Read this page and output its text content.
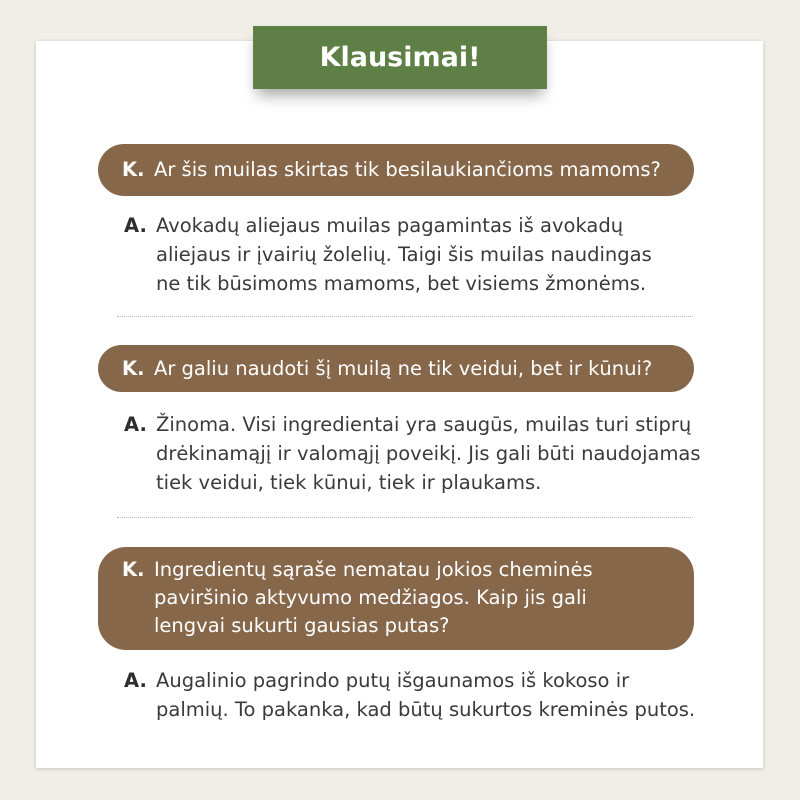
Klausimai!
K. Ar šis muilas skirtas tik besilaukiančioms mamoms?
A. Avokadų aliejaus muilas pagamintas iš avokadų
aliejaus ir įvairių žolelių. Taigi šis muilas naudingas
ne tik būsimoms mamoms, bet visiems žmonėms.
K. Ar galiu naudoti šį muilą ne tik veidui, bet ir kūnui?
A. Žinoma. Visi ingredientai yra saugūs, muilas turi stiprų
drėkinamąjį ir valomąjį poveikį. Jis gali būti naudojamas
tiek veidui, tiek kūnui, tiek ir plaukams.
K. Ingredientų sąraše nematau jokios cheminės
paviršinio aktyvumo medžiagos. Kaip jis gali
lengvai sukurti gausias putas?
A. Augalinio pagrindo putų išgaunamos iš kokoso ir
palmių. To pakanka, kad būtų sukurtos kreminės putos.
